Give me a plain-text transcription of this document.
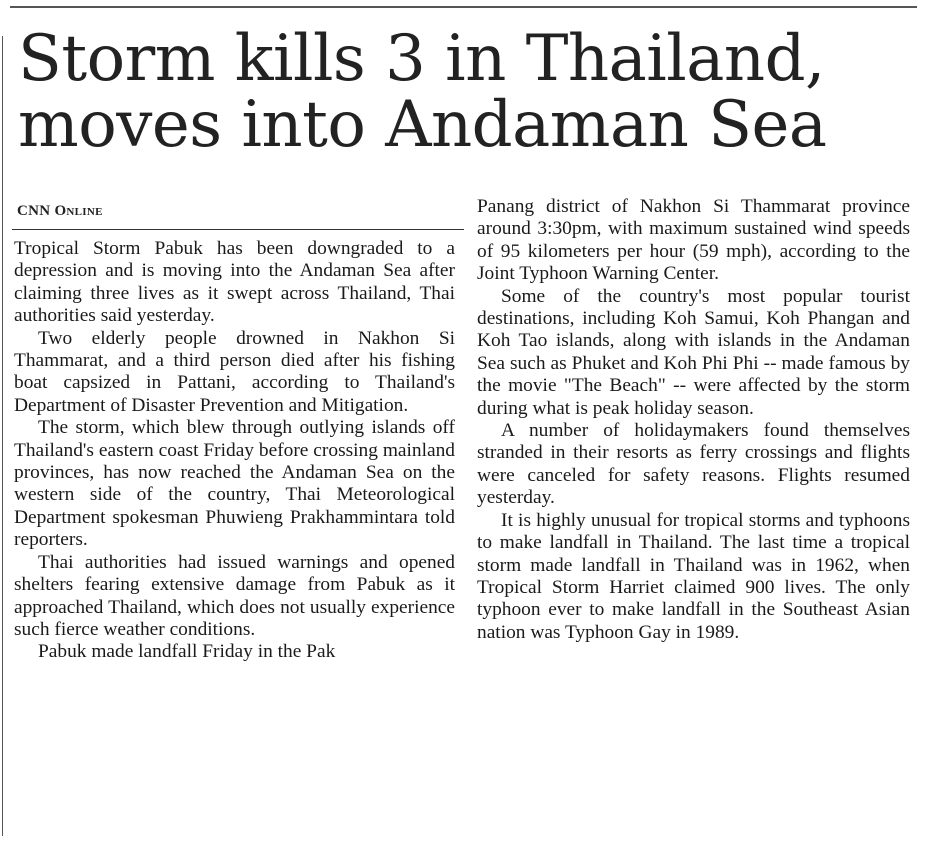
Storm kills 3 in Thailand, moves into Andaman Sea
CNN Online

Tropical Storm Pabuk has been downgraded to a depression and is moving into the Andaman Sea after claiming three lives as it swept across Thailand, Thai authorities said yesterday.

Two elderly people drowned in Nakhon Si Thammarat, and a third person died after his fishing boat capsized in Pattani, according to Thailand's Department of Disaster Prevention and Mitigation.

The storm, which blew through outlying islands off Thailand's eastern coast Friday before crossing mainland provinces, has now reached the Andaman Sea on the western side of the country, Thai Meteorological Department spokesman Phuwieng Prakhammintara told reporters.

Thai authorities had issued warnings and opened shelters fearing extensive damage from Pabuk as it approached Thailand, which does not usually experience such fierce weather conditions.

Pabuk made landfall Friday in the Pak

Panang district of Nakhon Si Thammarat province around 3:30pm, with maximum sustained wind speeds of 95 kilometers per hour (59 mph), according to the Joint Typhoon Warning Center.

Some of the country's most popular tourist destinations, including Koh Samui, Koh Phangan and Koh Tao islands, along with islands in the Andaman Sea such as Phuket and Koh Phi Phi -- made famous by the movie "The Beach" -- were affected by the storm during what is peak holiday season.

A number of holidaymakers found themselves stranded in their resorts as ferry crossings and flights were canceled for safety reasons. Flights resumed yesterday.

It is highly unusual for tropical storms and typhoons to make landfall in Thailand. The last time a tropical storm made landfall in Thailand was in 1962, when Tropical Storm Harriet claimed 900 lives. The only typhoon ever to make landfall in the Southeast Asian nation was Typhoon Gay in 1989.
